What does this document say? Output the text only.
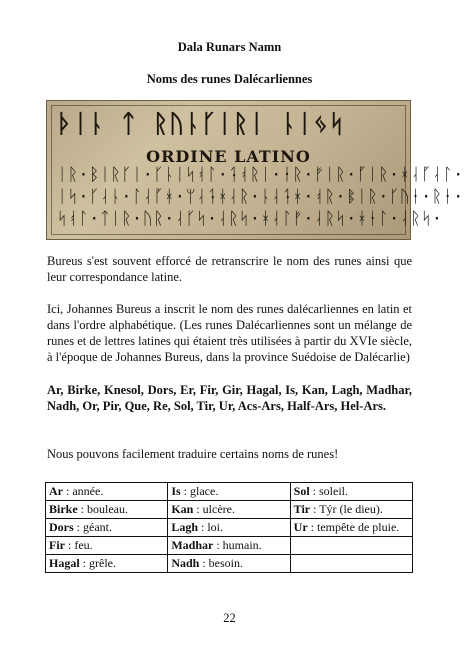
Dala Runars Namn
Noms des runes Dalécarliennes
ᚦᛁᚿ ᛏ ᚱᚢᚿᚴᛁᚱᛁ ᚿᛁᛃᛋ
ORDINE LATINO
ᛁᚱ·ᛒᛁᚱᚴᛁ·ᚴᚿᛁᛋᚮᛚ·ᛑᚮᚱᛁ·ᛂᚱ·ᚠᛁᚱ·ᚵᛁᚱ·ᚼᛆᚵᛆᛚ·
ᛁᛋ·ᚴᛆᚿ·ᛚᛆᚵᚼ·ᛘᛆᛑᚼᛆᚱ·ᚿᛆᛑᚼ·ᚮᚱ·ᛔᛁᚱ·ᚴᚢᛂ·ᚱᛂ·
ᛋᚮᛚ·ᛏᛁᚱ·ᚢᚱ·ᛆᚴᛋ·ᛆᚱᛋ·ᚼᛆᛚᚠ·ᛆᚱᛋ·ᚼᛂᛚ·ᛆᚱᛋ·

Bureus s'est souvent efforcé de retranscrire le nom des runes ainsi que leur correspondance latine.

Ici, Johannes Bureus a inscrit le nom des runes dalécarliennes en latin et dans l'ordre alphabétique. (Les runes Dalécarliennes sont un mélange de runes et de lettres latines qui étaient très utilisées à partir du XVIe siècle, à l'époque de Johannes Bureus, dans la province Suédoise de Dalécarlie)

Ar, Birke, Knesol, Dors, Er, Fir, Gir, Hagal, Is, Kan, Lagh, Madhar, Nadh, Or, Pir, Que, Re, Sol, Tir, Ur, Acs-Ars, Half-Ars, Hel-Ars.

Nous pouvons facilement traduire certains noms de runes!

Ar : année.	Is : glace.	Sol : soleil.
Birke : bouleau.	Kan : ulcère.	Tir : Týr (le dieu).
Dors : géant.	Lagh : loi.	Ur : tempête de pluie.
Fir : feu.	Madhar : humain.	
Hagal : grêle.	Nadh : besoin.	
22
